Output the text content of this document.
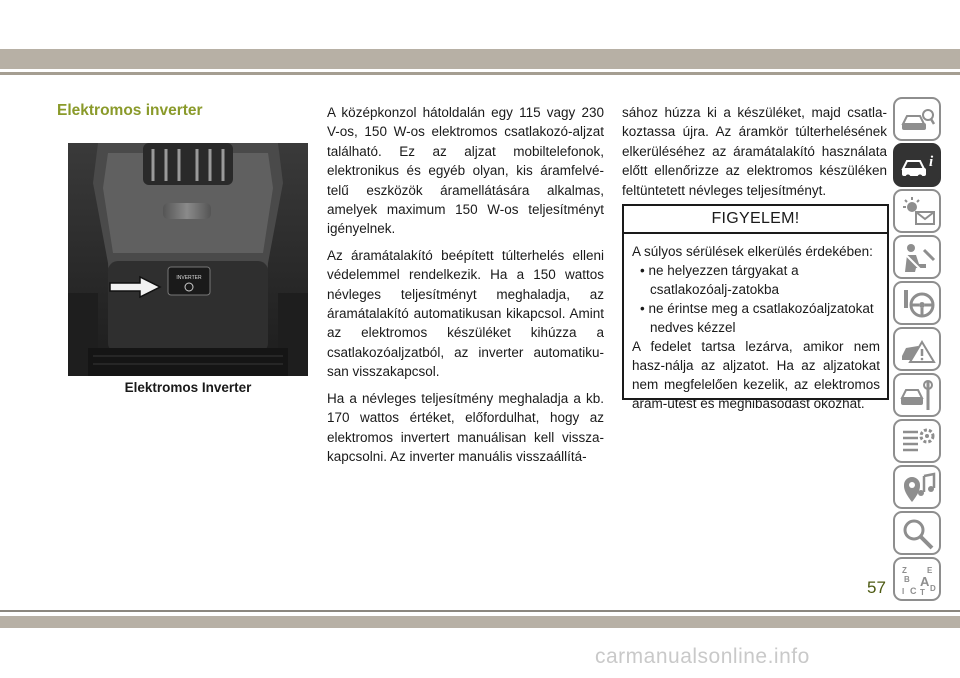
Elektromos inverter
INVERTER
Elektromos Inverter

A középkonzol hátoldalán egy 115 vagy 230 V-os, 150 W-os elektromos csatlakozó-aljzat található. Ez az aljzat mobiltelefonok, elektronikus és egyéb olyan, kis áramfelvé-telű eszközök áramellátására alkalmas, amelyek maximum 150 W-os teljesítményt igényelnek.

Az áramátalakító beépített túlterhelés elleni védelemmel rendelkezik. Ha a 150 wattos névleges teljesítményt meghaladja, az áramátalakító automatikusan kikapcsol. Amint az elektromos készüléket kihúzza a csatlakozóaljzatból, az inverter automatiku-san visszakapcsol.

Ha a névleges teljesítmény meghaladja a kb. 170 wattos értéket, előfordulhat, hogy az elektromos invertert manuálisan kell vissza-kapcsolni. Az inverter manuális visszaállítá-

sához húzza ki a készüléket, majd csatla-koztassa újra. Az áramkör túlterhelésének elkerüléséhez az áramátalakító használata előtt ellenőrizze az elektromos készüléken feltüntetett névleges teljesítményt.

FIGYELEM!

A súlyos sérülések elkerülés érdekében:

• ne helyezzen tárgyakat a csatlakozóalj-zatokba

• ne érintse meg a csatlakozóaljzatokat nedves kézzel

A fedelet tartsa lezárva, amikor nem hasz-nálja az aljzatot. Ha az aljzatokat nem megfelelően kezelik, az elektromos áram-ütést és meghibásodást okozhat.

i
Z	E
B A
C D
I T
57
carmanualsonline.info
